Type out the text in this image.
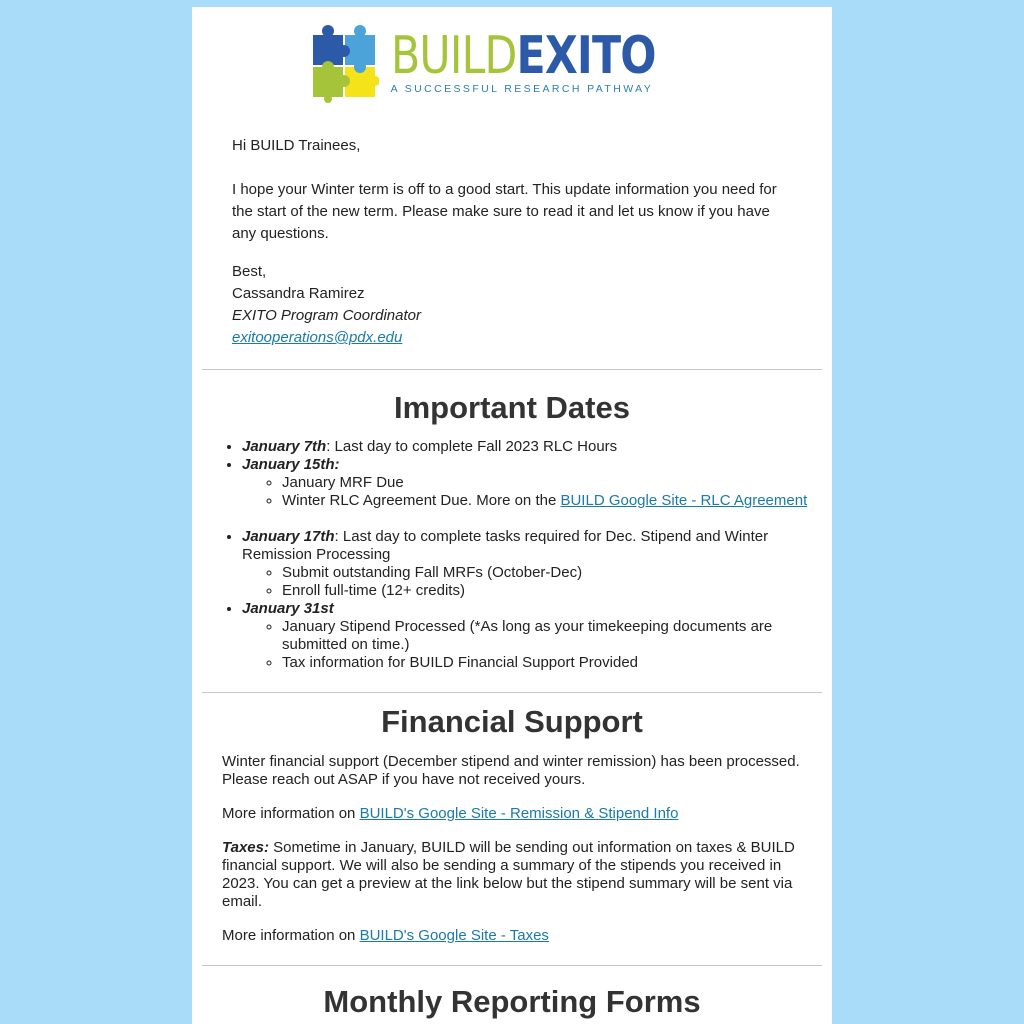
BUILDEXITO
A SUCCESSFUL RESEARCH PATHWAY

Hi BUILD Trainees,

I hope your Winter term is off to a good start. This update information you need for the start of the new term. Please make sure to read it and let us know if you have any questions.

Best,

Cassandra Ramirez

EXITO Program Coordinator

exitooperations@pdx.edu

Important Dates
• January 7th: Last day to complete Fall 2023 RLC Hours
• January 15th:
◦ January MRF Due
◦ Winter RLC Agreement Due. More on the BUILD Google Site - RLC Agreement
• January 17th: Last day to complete tasks required for Dec. Stipend and Winter Remission Processing
◦ Submit outstanding Fall MRFs (October-Dec)
◦ Enroll full-time (12+ credits)
• January 31st
◦ January Stipend Processed (*As long as your timekeeping documents are submitted on time.)
◦ Tax information for BUILD Financial Support Provided
Financial Support

Winter financial support (December stipend and winter remission) has been processed. Please reach out ASAP if you have not received yours.

More information on BUILD's Google Site - Remission & Stipend Info

Taxes: Sometime in January, BUILD will be sending out information on taxes & BUILD financial support. We will also be sending a summary of the stipends you received in 2023. You can get a preview at the link below but the stipend summary will be sent via email.

More information on BUILD's Google Site - Taxes

Monthly Reporting Forms
